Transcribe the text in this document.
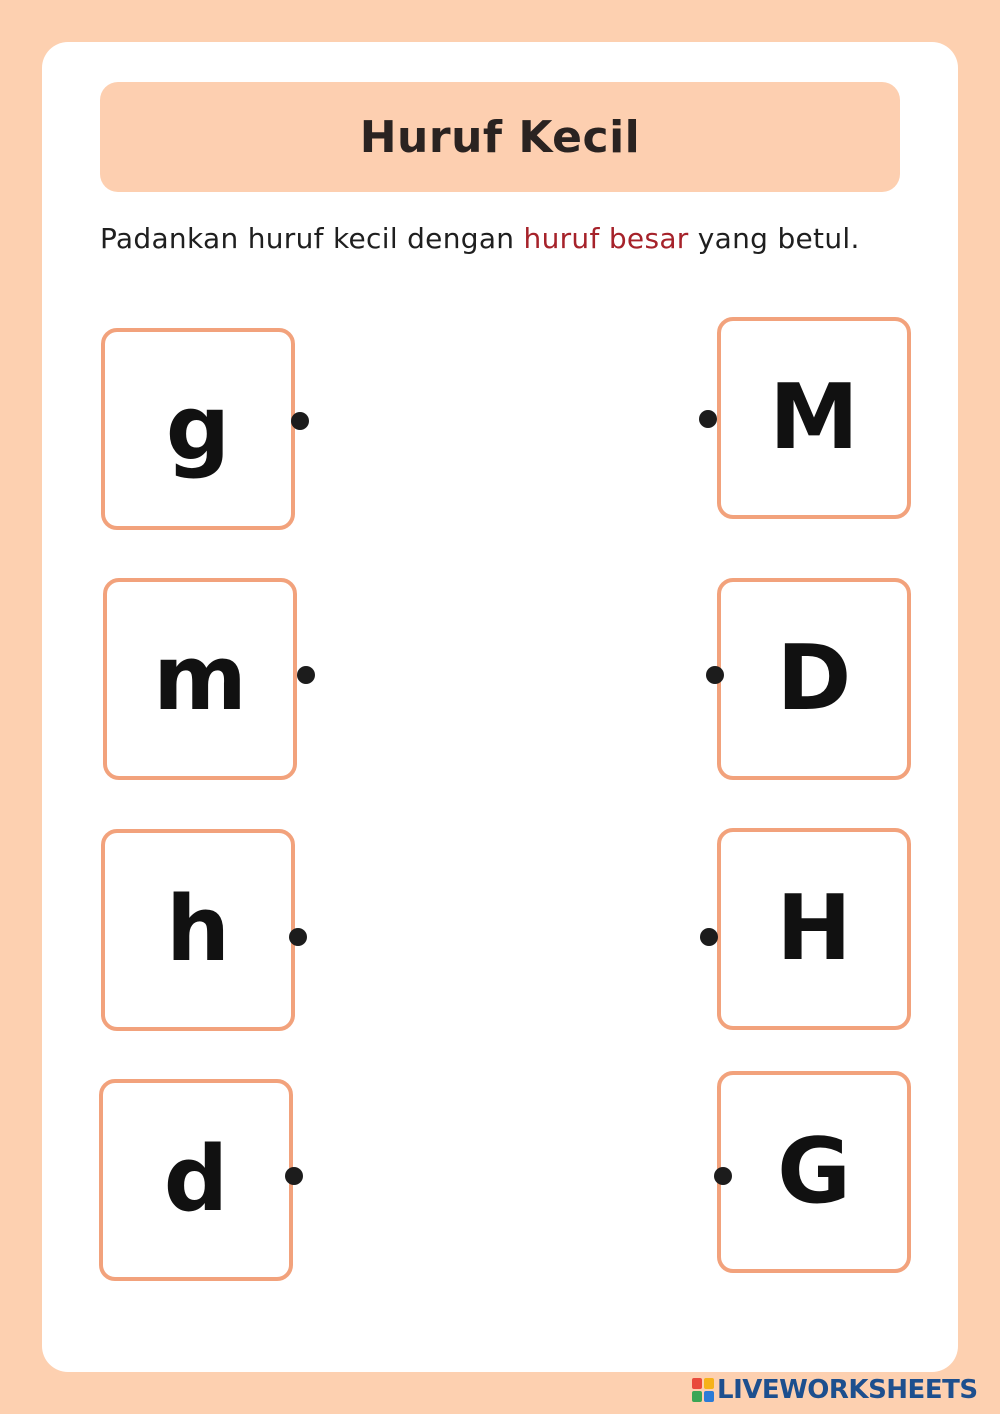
Huruf Kecil
Padankan huruf kecil dengan huruf besar yang betul.
g
m
h
d
M
D
H
G
LIVEWORKSHEETS
